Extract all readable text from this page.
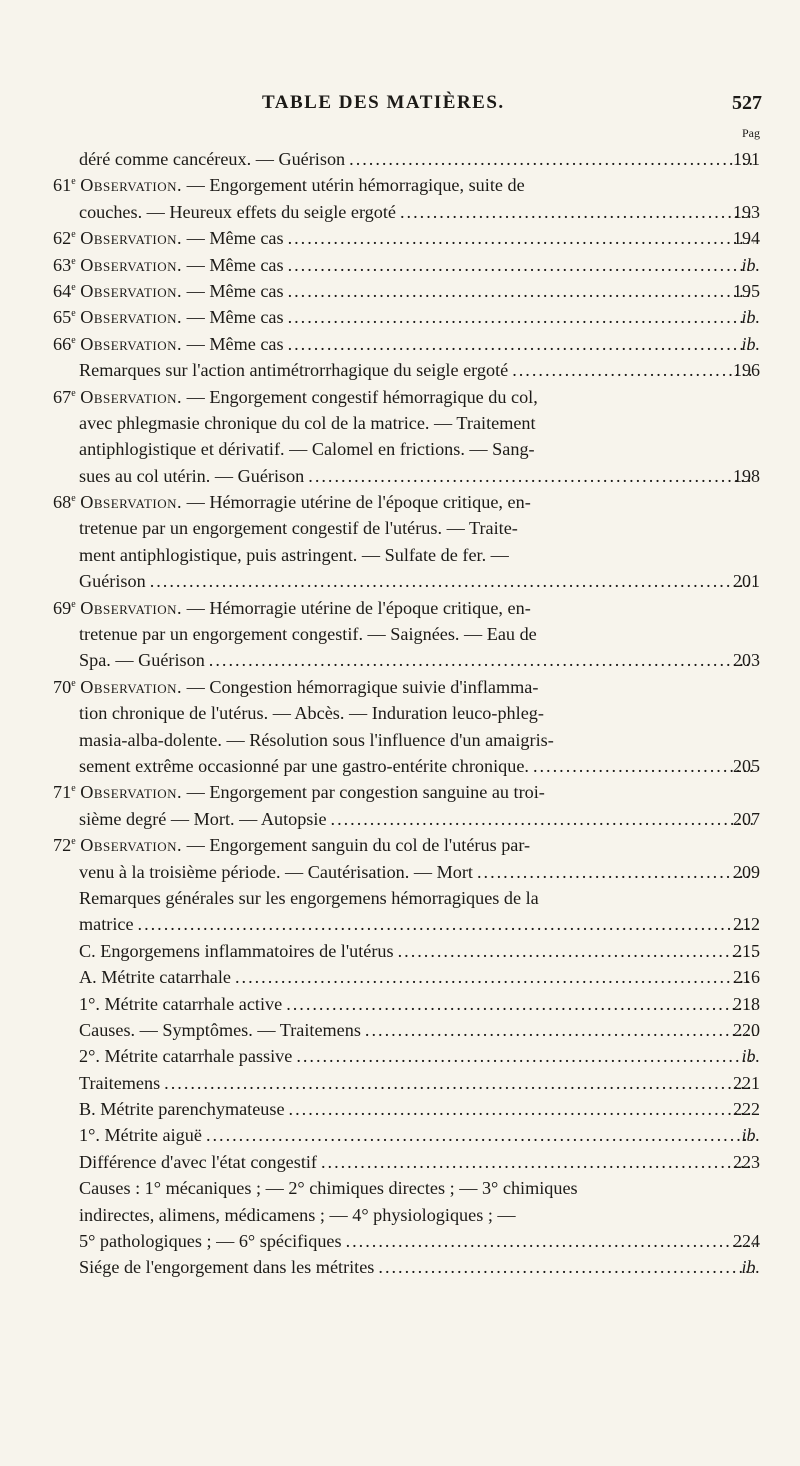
TABLE DES MATIÈRES.	527
Pag
déré comme cancéreux. — Guérison .....	191
61e Observation. — Engorgement utérin hémorragique, suite de
couches. — Heureux effets du seigle ergoté .....	193
62e Observation. — Même cas .....	194
63e Observation. — Même cas .....	ib.
64e Observation. — Même cas .....	195
65e Observation. — Même cas .....	ib.
66e Observation. — Même cas .....	ib.
Remarques sur l'action antimétrorrhagique du seigle ergoté .....	196
67e Observation. — Engorgement congestif hémorragique du col,
avec phlegmasie chronique du col de la matrice. — Traitement
antiphlogistique et dérivatif. — Calomel en frictions. — Sang-
sues au col utérin. — Guérison .....	198
68e Observation. — Hémorragie utérine de l'époque critique, en-
tretenue par un engorgement congestif de l'utérus. — Traite-
ment antiphlogistique, puis astringent. — Sulfate de fer. —
Guérison .....	201
69e Observation. — Hémorragie utérine de l'époque critique, en-
tretenue par un engorgement congestif. — Saignées. — Eau de
Spa. — Guérison .....	203
70e Observation. — Congestion hémorragique suivie d'inflamma-
tion chronique de l'utérus. — Abcès. — Induration leuco-phleg-
masia-alba-dolente. — Résolution sous l'influence d'un amaigris-
sement extrême occasionné par une gastro-entérite chronique. .....	205
71e Observation. — Engorgement par congestion sanguine au troi-
sième degré — Mort. — Autopsie .....	207
72e Observation. — Engorgement sanguin du col de l'utérus par-
venu à la troisième période. — Cautérisation. — Mort .....	209
Remarques générales sur les engorgemens hémorragiques de la
matrice .....	212
C. Engorgemens inflammatoires de l'utérus .....	215
A. Métrite catarrhale .....	216
1°. Métrite catarrhale active .....	218
Causes. — Symptômes. — Traitemens .....	220
2°. Métrite catarrhale passive .....	ib.
Traitemens .....	221
B. Métrite parenchymateuse .....	222
1°. Métrite aiguë .....	ib.
Différence d'avec l'état congestif .....	223
Causes : 1° mécaniques ; — 2° chimiques directes ; — 3° chimiques
indirectes, alimens, médicamens ; — 4° physiologiques ; —
5° pathologiques ; — 6° spécifiques .....	224
Siége de l'engorgement dans les métrites .....	ib.
